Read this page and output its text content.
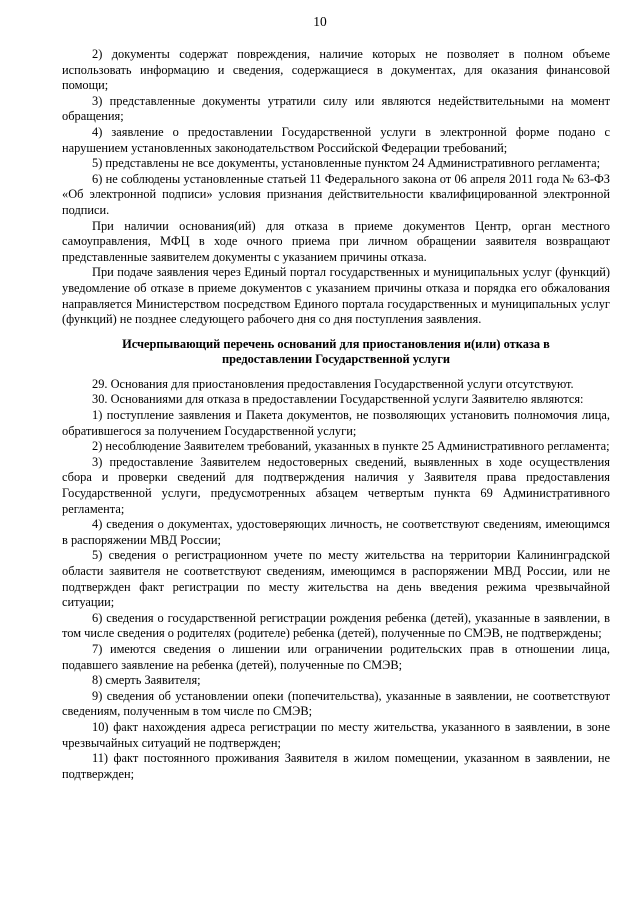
10

2) документы содержат повреждения, наличие которых не позволяет в полном объеме использовать информацию и сведения, содержащиеся в документах, для оказания финансовой помощи;

3) представленные документы утратили силу или являются недействительными на момент обращения;

4) заявление о предоставлении Государственной услуги в электронной форме подано с нарушением установленных законодательством Российской Федерации требований;

5) представлены не все документы, установленные пунктом 24 Административного регламента;

6) не соблюдены установленные статьей 11 Федерального закона от 06 апреля 2011 года № 63-ФЗ «Об электронной подписи» условия признания действительности квалифицированной электронной подписи.

При наличии основания(ий) для отказа в приеме документов Центр, орган местного самоуправления, МФЦ в ходе очного приема при личном обращении заявителя возвращают представленные заявителем документы с указанием причины отказа.

При подаче заявления через Единый портал государственных и муниципальных услуг (функций) уведомление об отказе в приеме документов с указанием причины отказа и порядка его обжалования направляется Министерством посредством Единого портала государственных и муниципальных услуг (функций) не позднее следующего рабочего дня со дня поступления заявления.

Исчерпывающий перечень оснований для приостановления и(или) отказа в предоставлении Государственной услуги

29. Основания для приостановления предоставления Государственной услуги отсутствуют.

30. Основаниями для отказа в предоставлении Государственной услуги Заявителю являются:

1) поступление заявления и Пакета документов, не позволяющих установить полномочия лица, обратившегося за получением Государственной услуги;

2) несоблюдение Заявителем требований, указанных в пункте 25 Административного регламента;

3) предоставление Заявителем недостоверных сведений, выявленных в ходе осуществления сбора и проверки сведений для подтверждения наличия у Заявителя права предоставления Государственной услуги, предусмотренных абзацем четвертым пункта 69 Административного регламента;

4) сведения о документах, удостоверяющих личность, не соответствуют сведениям, имеющимся в распоряжении МВД России;

5) сведения о регистрационном учете по месту жительства на территории Калининградской области заявителя не соответствуют сведениям, имеющимся в распоряжении МВД России, или не подтвержден факт регистрации по месту жительства на день введения режима чрезвычайной ситуации;

6) сведения о государственной регистрации рождения ребенка (детей), указанные в заявлении, в том числе сведения о родителях (родителе) ребенка (детей), полученные по СМЭВ, не подтверждены;

7) имеются сведения о лишении или ограничении родительских прав в отношении лица, подавшего заявление на ребенка (детей), полученные по СМЭВ;

8) смерть Заявителя;

9) сведения об установлении опеки (попечительства), указанные в заявлении, не соответствуют сведениям, полученным в том числе по СМЭВ;

10) факт нахождения адреса регистрации по месту жительства, указанного в заявлении, в зоне чрезвычайных ситуаций не подтвержден;

11) факт постоянного проживания Заявителя в жилом помещении, указанном в заявлении, не подтвержден;
